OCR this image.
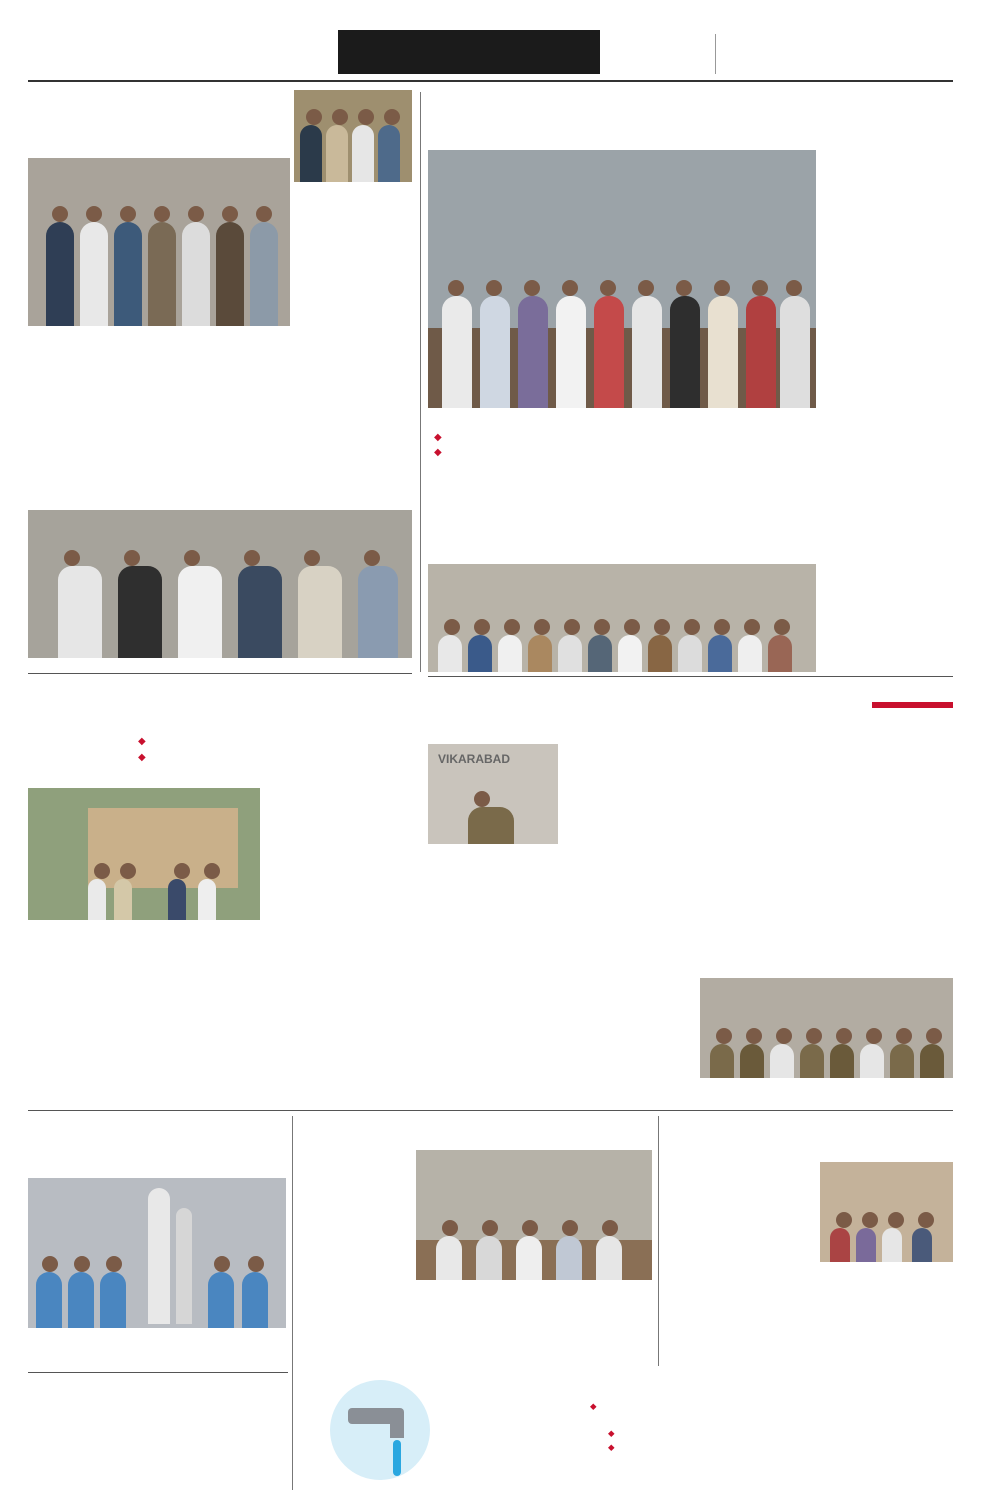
◆
◆
◆
◆
VIKARABAD
◆
◆
◆
